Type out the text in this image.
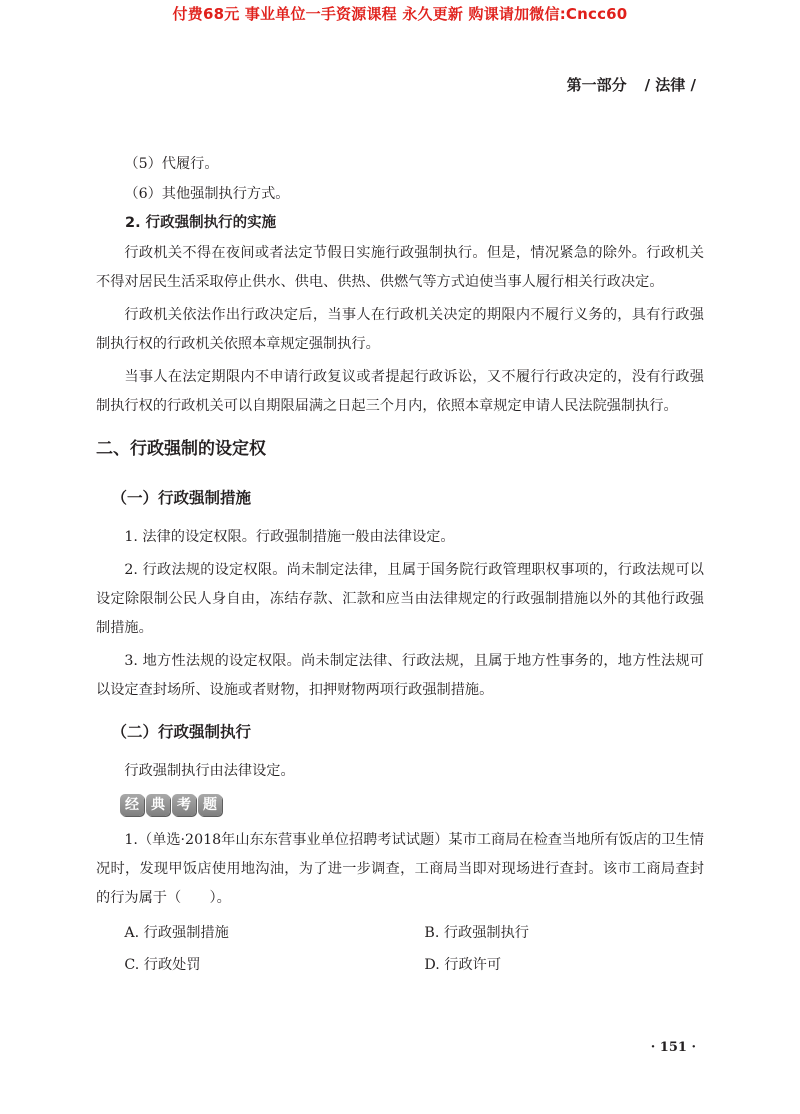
付费68元 事业单位一手资源课程 永久更新 购课请加微信:Cncc60
第一部分 / 法律 /

（5）代履行。

（6）其他强制执行方式。

2. 行政强制执行的实施

行政机关不得在夜间或者法定节假日实施行政强制执行。但是，情况紧急的除外。行政机关不得对居民生活采取停止供水、供电、供热、供燃气等方式迫使当事人履行相关行政决定。

行政机关依法作出行政决定后，当事人在行政机关决定的期限内不履行义务的，具有行政强制执行权的行政机关依照本章规定强制执行。

当事人在法定期限内不申请行政复议或者提起行政诉讼，又不履行行政决定的，没有行政强制执行权的行政机关可以自期限届满之日起三个月内，依照本章规定申请人民法院强制执行。

二、行政强制的设定权
（一）行政强制措施

1. 法律的设定权限。行政强制措施一般由法律设定。

2. 行政法规的设定权限。尚未制定法律，且属于国务院行政管理职权事项的，行政法规可以设定除限制公民人身自由，冻结存款、汇款和应当由法律规定的行政强制措施以外的其他行政强制措施。

3. 地方性法规的设定权限。尚未制定法律、行政法规，且属于地方性事务的，地方性法规可以设定查封场所、设施或者财物，扣押财物两项行政强制措施。

（二）行政强制执行

行政强制执行由法律设定。

经 典 考 题

1.（单选·2018年山东东营事业单位招聘考试试题）某市工商局在检查当地所有饭店的卫生情况时，发现甲饭店使用地沟油，为了进一步调查，工商局当即对现场进行查封。该市工商局查封的行为属于（　　）。

A. 行政强制措施	B. 行政强制执行
C. 行政处罚	D. 行政许可
· 151 ·
